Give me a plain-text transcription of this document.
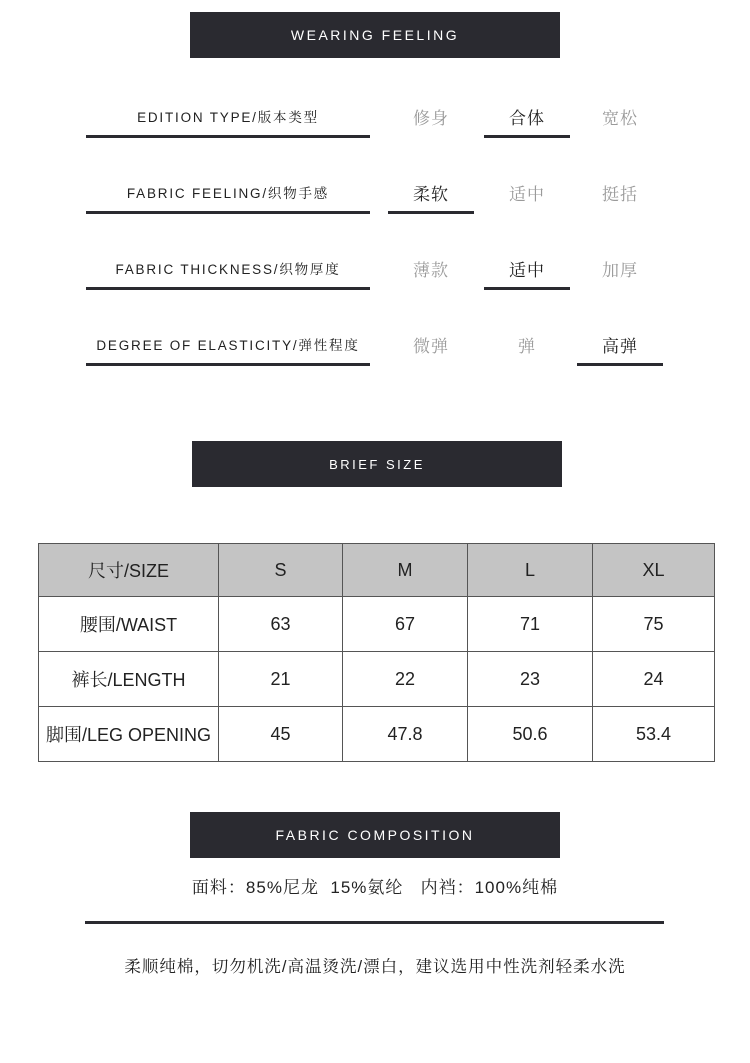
WEARING FEELING
EDITION TYPE/版本类型	修身	合体	宽松
FABRIC FEELING/织物手感	柔软	适中	挺括
FABRIC THICKNESS/织物厚度	薄款	适中	加厚
DEGREE OF ELASTICITY/弹性程度	微弹	弹	高弹
BRIEF SIZE
尺寸/SIZE	S	M	L	XL
腰围/WAIST	63	67	71	75
裤长/LENGTH	21	22	23	24
脚围/LEG OPENING	45	47.8	50.6	53.4
FABRIC COMPOSITION
面料：85%尼龙  15%氨纶   内裆：100%纯棉
柔顺纯棉，切勿机洗/高温烫洗/漂白，建议选用中性洗剂轻柔水洗
